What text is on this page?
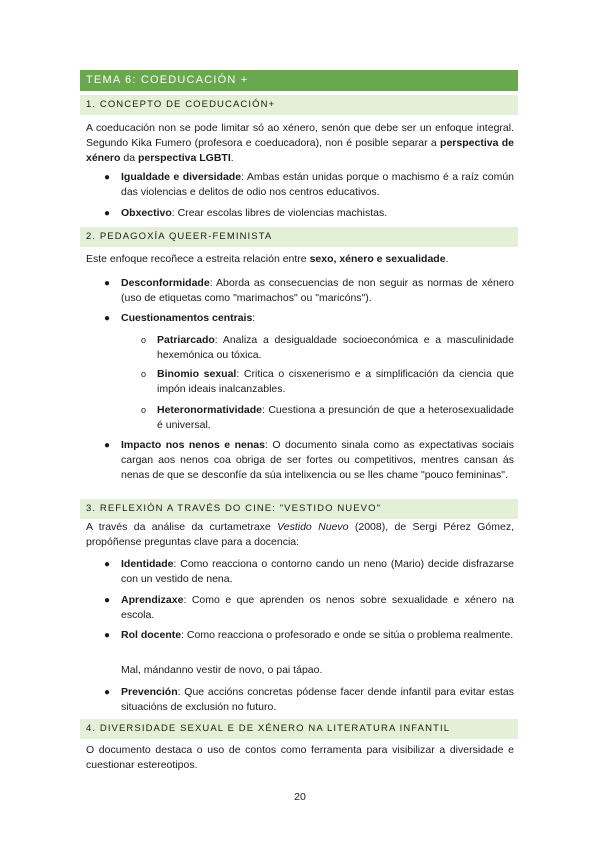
TEMA 6: COEDUCACIÓN +
1. CONCEPTO DE COEDUCACIÓN+

A coeducación non se pode limitar só ao xénero, senón que debe ser un enfoque integral. Segundo Kika Fumero (profesora e coeducadora), non é posible separar a perspectiva de xénero da perspectiva LGBTI.

● Igualdade e diversidade: Ambas están unidas porque o machismo é a raíz común das violencias e delitos de odio nos centros educativos.
● Obxectivo: Crear escolas libres de violencias machistas.
2. PEDAGOXÍA QUEER-FEMINISTA

Este enfoque recoñece a estreita relación entre sexo, xénero e sexualidade.

● Desconformidade: Aborda as consecuencias de non seguir as normas de xénero (uso de etiquetas como "marimachos" ou "maricóns").
● Cuestionamentos centrais:
o Patriarcado: Analiza a desigualdade socioeconómica e a masculinidade hexemónica ou tóxica.
o Binomio sexual: Critica o cisxenerismo e a simplificación da ciencia que impón ideais inalcanzables.
o Heteronormatividade: Cuestiona a presunción de que a heterosexualidade é universal.
● Impacto nos nenos e nenas: O documento sinala como as expectativas sociais cargan aos nenos coa obriga de ser fortes ou competitivos, mentres cansan ás nenas de que se desconfíe da súa intelixencia ou se lles chame "pouco femininas".
3. REFLEXIÓN A TRAVÉS DO CINE: "VESTIDO NUEVO"

A través da análise da curtametraxe Vestido Nuevo (2008), de Sergi Pérez Gómez, propóñense preguntas clave para a docencia:

● Identidade: Como reacciona o contorno cando un neno (Mario) decide disfrazarse con un vestido de nena.
● Aprendizaxe: Como e que aprenden os nenos sobre sexualidade e xénero na escola.
● Rol docente: Como reacciona o profesorado e onde se sitúa o problema realmente.
Mal, mándanno vestir de novo, o pai tápao.
● Prevención: Que accións concretas pódense facer dende infantil para evitar estas situacións de exclusión no futuro.
4. DIVERSIDADE SEXUAL E DE XÉNERO NA LITERATURA INFANTIL

O documento destaca o uso de contos como ferramenta para visibilizar a diversidade e cuestionar estereotipos.

20
